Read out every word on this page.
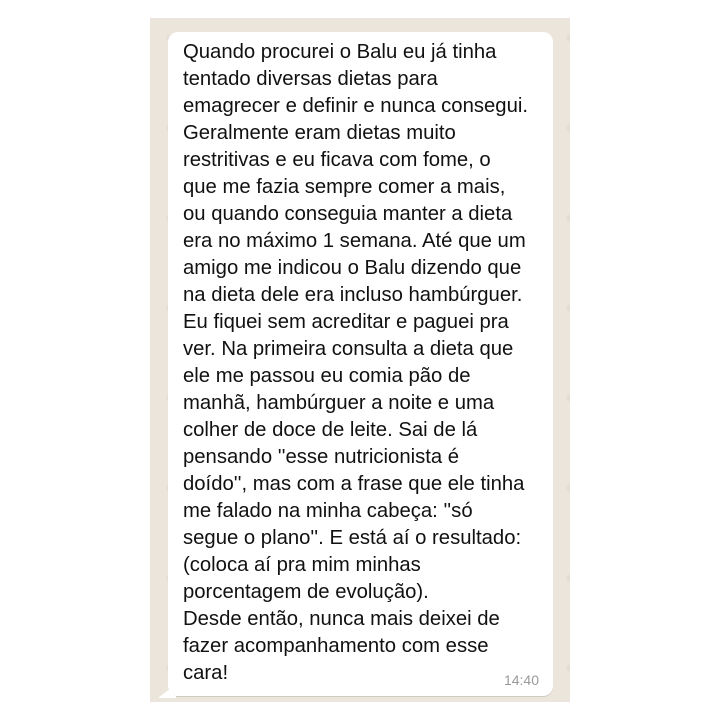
Quando procurei o Balu eu já tinha
tentado diversas dietas para
emagrecer e definir e nunca consegui.
Geralmente eram dietas muito
restritivas e eu ficava com fome, o
que me fazia sempre comer a mais,
ou quando conseguia manter a dieta
era no máximo 1 semana. Até que um
amigo me indicou o Balu dizendo que
na dieta dele era incluso hambúrguer.
Eu fiquei sem acreditar e paguei pra
ver. Na primeira consulta a dieta que
ele me passou eu comia pão de
manhã, hambúrguer a noite e uma
colher de doce de leite. Sai de lá
pensando ''esse nutricionista é
doído'', mas com a frase que ele tinha
me falado na minha cabeça: ''só
segue o plano''. E está aí o resultado:
(coloca aí pra mim minhas
porcentagem de evolução).
Desde então, nunca mais deixei de
fazer acompanhamento com esse
cara!	14:40
